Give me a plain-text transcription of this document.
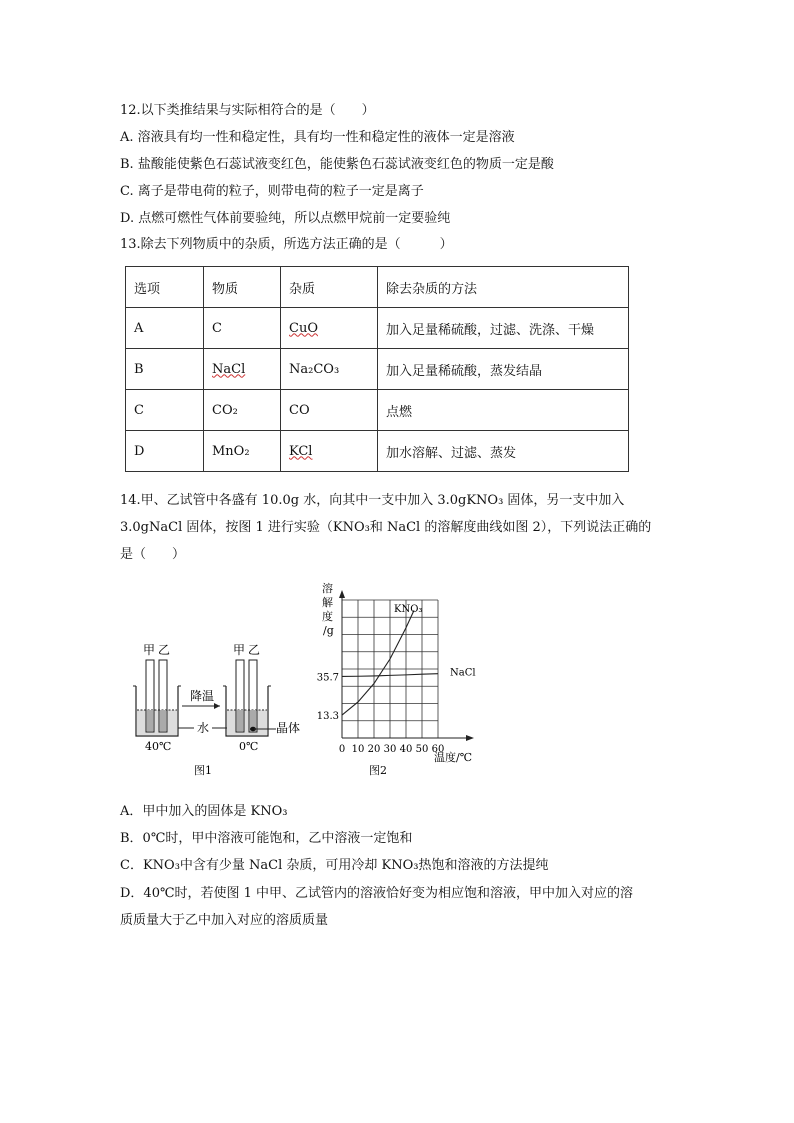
12.以下类推结果与实际相符合的是（　　）
A. 溶液具有均一性和稳定性，具有均一性和稳定性的液体一定是溶液
B. 盐酸能使紫色石蕊试液变红色，能使紫色石蕊试液变红色的物质一定是酸
C. 离子是带电荷的粒子，则带电荷的粒子一定是离子
D. 点燃可燃性气体前要验纯，所以点燃甲烷前一定要验纯
13.除去下列物质中的杂质，所选方法正确的是（　　　）
选项	物质	杂质	除去杂质的方法
A	C	CuO	加入足量稀硫酸，过滤、洗涤、干燥
B	NaCl	Na₂CO₃	加入足量稀硫酸，蒸发结晶
C	CO₂	CO	点燃
D	MnO₂	KCl	加水溶解、过滤、蒸发
14.甲、乙试管中各盛有 10.0g 水，向其中一支中加入 3.0gKNO₃ 固体，另一支中加入
3.0gNaCl 固体，按图 1 进行实验（KNO₃和 NaCl 的溶解度曲线如图 2），下列说法正确的
是（　　）
甲 乙	甲 乙
降温
水	晶体
40℃	0℃
图1
0 10 20 30 40 50 60
13.3
35.7
KNO₃
NaCl
溶
解
度
/g
温度/℃
图2
A．甲中加入的固体是 KNO₃
B．0℃时，甲中溶液可能饱和，乙中溶液一定饱和
C．KNO₃中含有少量 NaCl 杂质，可用冷却 KNO₃热饱和溶液的方法提纯
D．40℃时，若使图 1 中甲、乙试管内的溶液恰好变为相应饱和溶液，甲中加入对应的溶
质质量大于乙中加入对应的溶质质量
